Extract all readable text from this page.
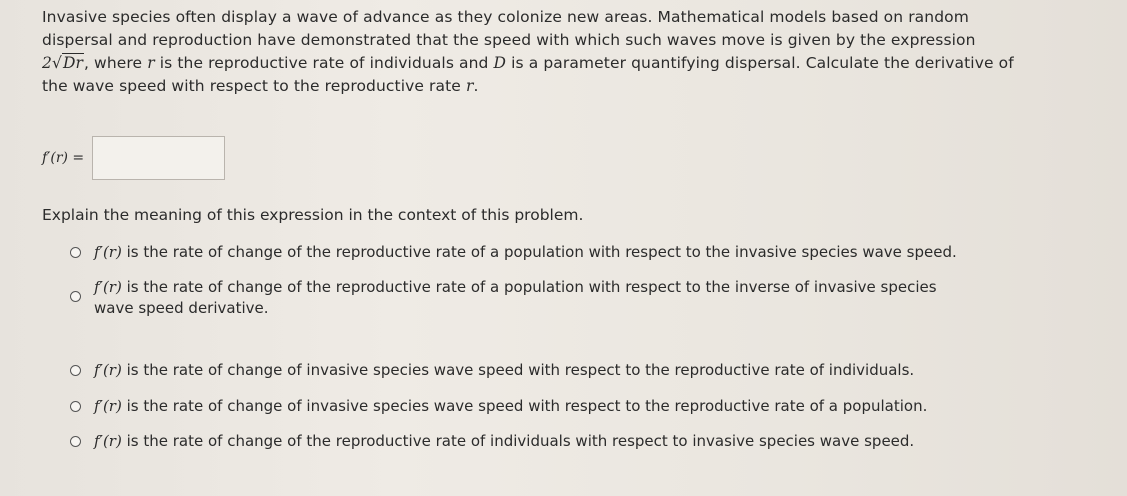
Invasive species often display a wave of advance as they colonize new areas. Mathematical models based on random
dispersal and reproduction have demonstrated that the speed with which such waves move is given by the expression
2√Dr, where r is the reproductive rate of individuals and D is a parameter quantifying dispersal. Calculate the derivative of
the wave speed with respect to the reproductive rate r.
f′(r) =
Explain the meaning of this expression in the context of this problem.
f′(r) is the rate of change of the reproductive rate of a population with respect to the invasive species wave speed.
f′(r) is the rate of change of the reproductive rate of a population with respect to the inverse of invasive species
wave speed derivative.
f′(r) is the rate of change of invasive species wave speed with respect to the reproductive rate of individuals.
f′(r) is the rate of change of invasive species wave speed with respect to the reproductive rate of a population.
f′(r) is the rate of change of the reproductive rate of individuals with respect to invasive species wave speed.
